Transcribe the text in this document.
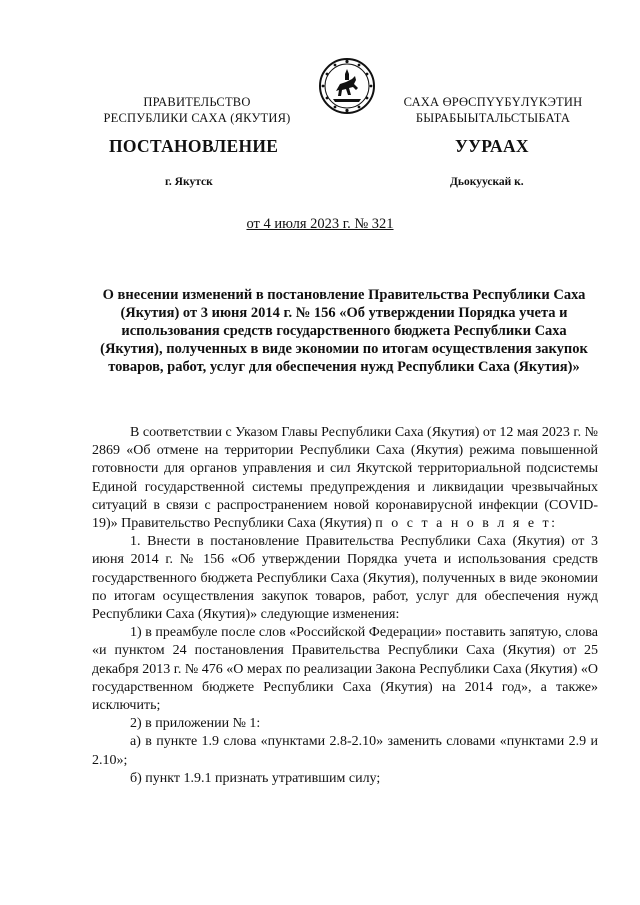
ПРАВИТЕЛЬСТВО
РЕСПУБЛИКИ САХА (ЯКУТИЯ)
САХА ӨРӨСПҮҮБҮЛҮКЭТИН
БЫРАБЫЫТАЛЬСТЫБАТА
ПОСТАНОВЛЕНИЕ	УУРААХ
г. Якутск	Дьокуускай к.
от 4 июля 2023 г. № 321
О внесении изменений в постановление Правительства Республики Саха (Якутия) от 3 июня 2014 г. № 156 «Об утверждении Порядка учета и использования средств государственного бюджета Республики Саха (Якутия), полученных в виде экономии по итогам осуществления закупок товаров, работ, услуг для обеспечения нужд Республики Саха (Якутия)»

В соответствии с Указом Главы Республики Саха (Якутия) от 12 мая 2023 г. № 2869 «Об отмене на территории Республики Саха (Якутия) режима повышенной готовности для органов управления и сил Якутской территориальной подсистемы Единой государственной системы предупреждения и ликвидации чрезвычайных ситуаций в связи с распространением новой коронавирусной инфекции (COVID-19)» Правительство Республики Саха (Якутия) п о с т а н о в л я е т:

1. Внести в постановление Правительства Республики Саха (Якутия) от 3 июня 2014 г. № 156 «Об утверждении Порядка учета и использования средств государственного бюджета Республики Саха (Якутия), полученных в виде экономии по итогам осуществления закупок товаров, работ, услуг для обеспечения нужд Республики Саха (Якутия)» следующие изменения:

1) в преамбуле после слов «Российской Федерации» поставить запятую, слова «и пунктом 24 постановления Правительства Республики Саха (Якутия) от 25 декабря 2013 г. № 476 «О мерах по реализации Закона Республики Саха (Якутия) «О государственном бюджете Республики Саха (Якутия) на 2014 год», а также» исключить;

2) в приложении № 1:

а) в пункте 1.9 слова «пунктами 2.8-2.10» заменить словами «пунктами 2.9 и 2.10»;

б) пункт 1.9.1 признать утратившим силу;
